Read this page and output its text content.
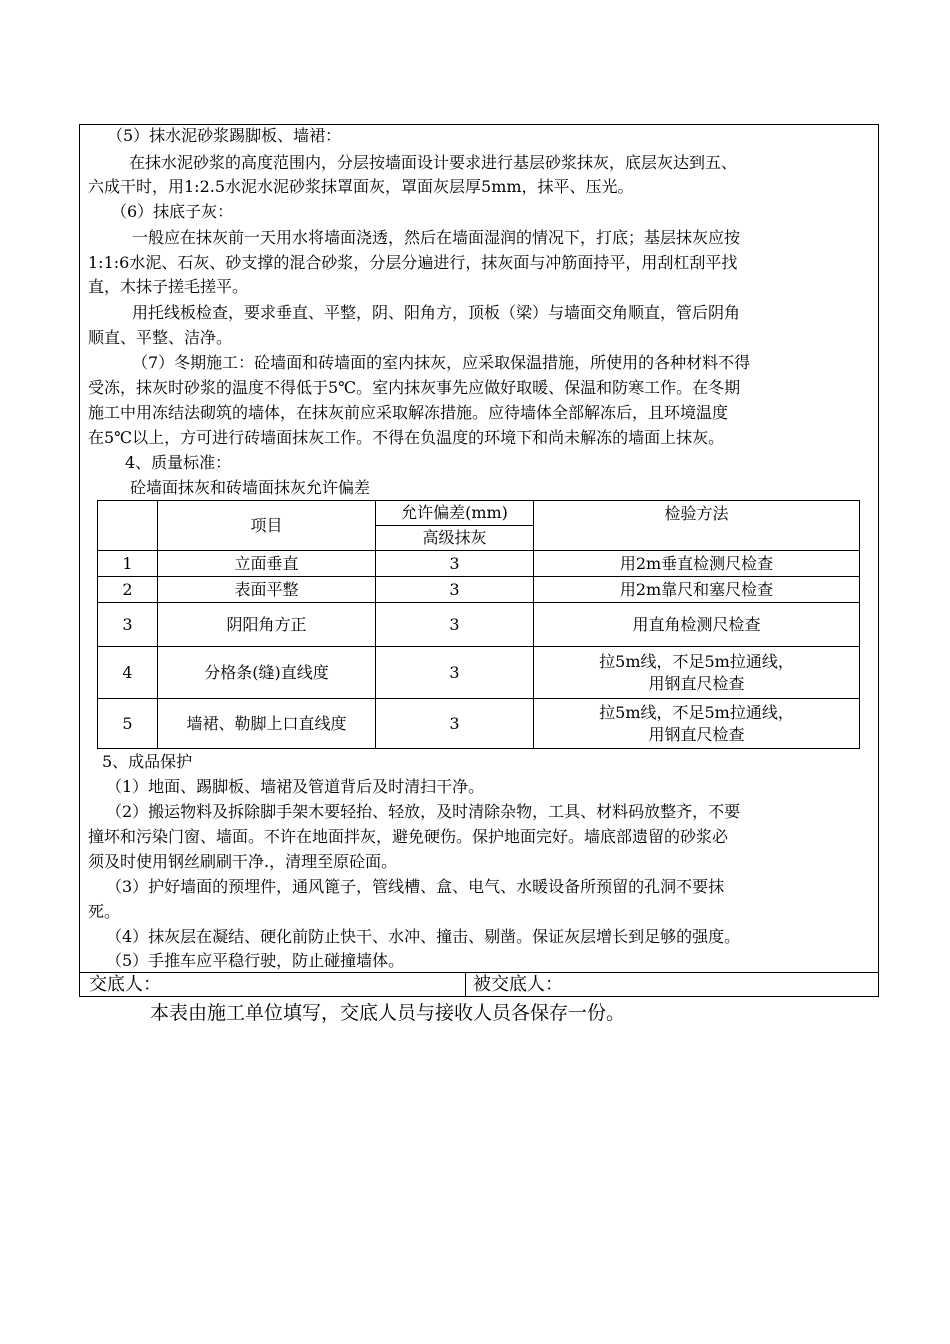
（5）抹水泥砂浆踢脚板、墙裙：
在抹水泥砂浆的高度范围内，分层按墙面设计要求进行基层砂浆抹灰，底层灰达到五、
六成干时，用1:2.5水泥水泥砂浆抹罩面灰，罩面灰层厚5mm，抹平、压光。
（6）抹底子灰：
一般应在抹灰前一天用水将墙面浇透，然后在墙面湿润的情况下，打底；基层抹灰应按
1:1:6水泥、石灰、砂支撑的混合砂浆，分层分遍进行，抹灰面与冲筋面持平，用刮杠刮平找
直，木抹子搓毛搓平。
用托线板检查，要求垂直、平整，阴、阳角方，顶板（梁）与墙面交角顺直，管后阴角
顺直、平整、洁净。
（7）冬期施工：砼墙面和砖墙面的室内抹灰，应采取保温措施，所使用的各种材料不得
受冻，抹灰时砂浆的温度不得低于5℃。室内抹灰事先应做好取暖、保温和防寒工作。在冬期
施工中用冻结法砌筑的墙体，在抹灰前应采取解冻措施。应待墙体全部解冻后，且环境温度
在5℃以上，方可进行砖墙面抹灰工作。不得在负温度的环境下和尚未解冻的墙面上抹灰。
4、质量标准：
砼墙面抹灰和砖墙面抹灰允许偏差
	项目	允许偏差(mm)	检验方法
		高级抹灰	
1	立面垂直	3	用2m垂直检测尺检查
2	表面平整	3	用2m靠尺和塞尺检查
3	阴阳角方正	3	用直角检测尺检查
4	分格条(缝)直线度	3	拉5m线，不足5m拉通线，
用钢直尺检查

5	墙裙、勒脚上口直线度	3	拉5m线，不足5m拉通线，
用钢直尺检查
5、成品保护
（1）地面、踢脚板、墙裙及管道背后及时清扫干净。
（2）搬运物料及拆除脚手架木要轻抬、轻放，及时清除杂物，工具、材料码放整齐，不要
撞坏和污染门窗、墙面。不许在地面拌灰，避免硬伤。保护地面完好。墙底部遗留的砂浆必
须及时使用钢丝刷刷干净.，清理至原砼面。
（3）护好墙面的预埋件，通风篦子，管线槽、盒、电气、水暖设备所预留的孔洞不要抹
死。
（4）抹灰层在凝结、硬化前防止快干、水冲、撞击、剔凿。保证灰层增长到足够的强度。
（5）手推车应平稳行驶，防止碰撞墙体。
交底人：	被交底人：
本表由施工单位填写，交底人员与接收人员各保存一份。
